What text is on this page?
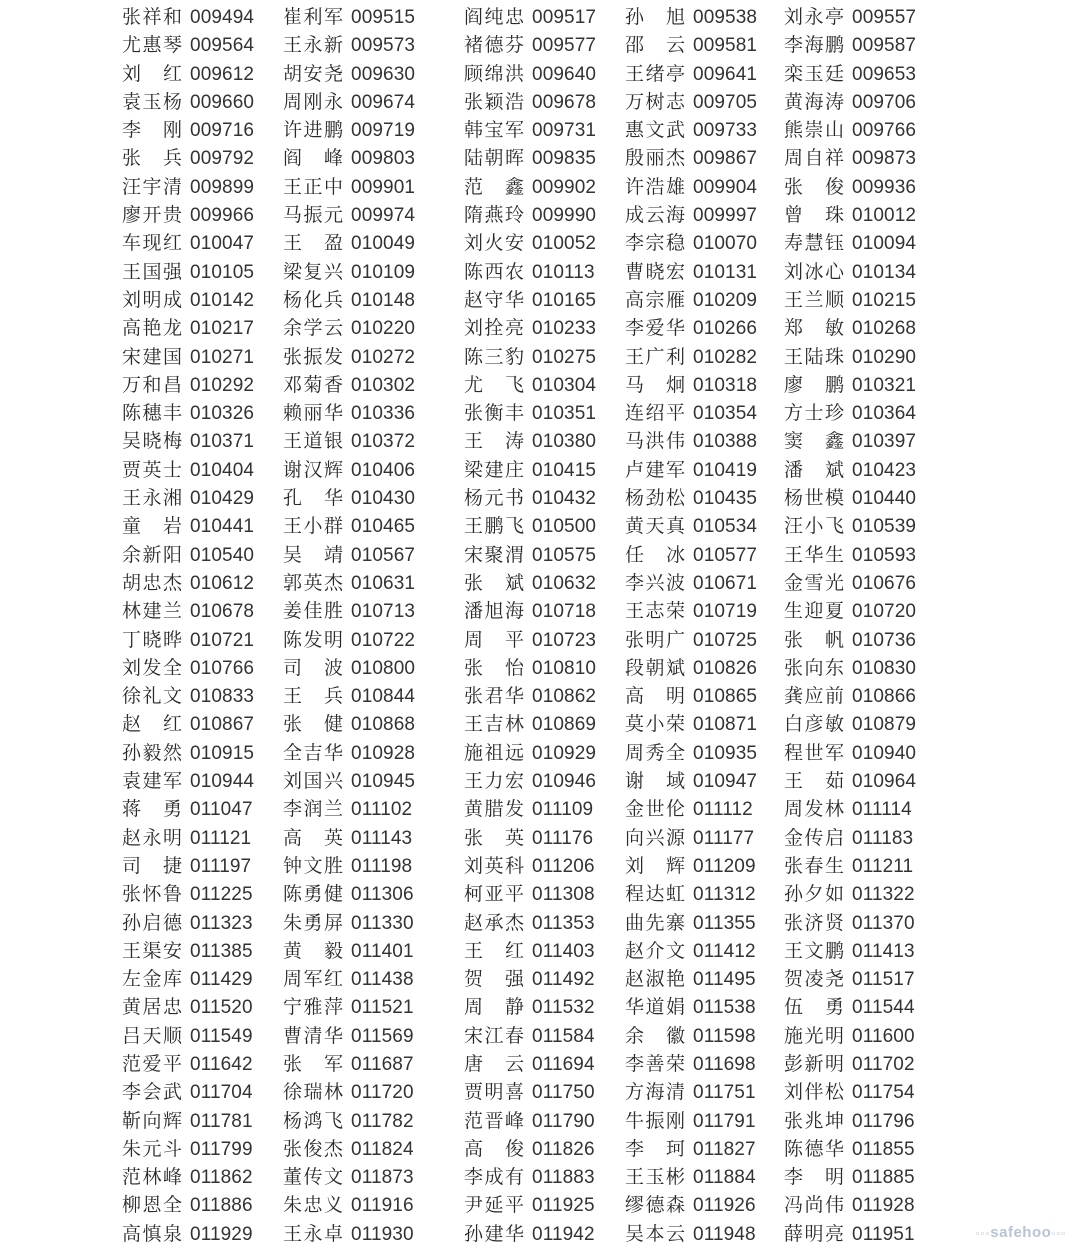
张祥和 009494 崔利军 009515	阎纯忠 009517 孙　旭 009538 刘永亭 009557
尤惠琴 009564 王永新 009573	褚德芬 009577 邵　云 009581 李海鹏 009587
刘　红 009612 胡安尧 009630	顾绵洪 009640 王绪亭 009641 栾玉廷 009653
袁玉杨 009660 周刚永 009674	张颖浩 009678 万树志 009705 黄海涛 009706
李　刚 009716 许进鹏 009719	韩宝军 009731 惠文武 009733 熊崇山 009766
张　兵 009792 阎　峰 009803	陆朝晖 009835 殷丽杰 009867 周自祥 009873
汪宇清 009899 王正中 009901	范　鑫 009902 许浩雄 009904 张　俊 009936
廖开贵 009966 马振元 009974	隋燕玲 009990 成云海 009997 曾　珠 010012
车现红 010047 王　盈 010049	刘火安 010052 李宗稳 010070 寿慧钰 010094
王国强 010105 梁复兴 010109	陈西农 010113 曹晓宏 010131 刘冰心 010134
刘明成 010142 杨化兵 010148	赵守华 010165 高宗雁 010209 王兰顺 010215
高艳龙 010217 余学云 010220	刘拴亮 010233 李爱华 010266 郑　敏 010268
宋建国 010271 张振发 010272	陈三豹 010275 王广利 010282 王陆珠 010290
万和昌 010292 邓菊香 010302	尤　飞 010304 马　炯 010318 廖　鹏 010321
陈穗丰 010326 赖丽华 010336	张衡丰 010351 连绍平 010354 方士珍 010364
吴晓梅 010371 王道银 010372	王　涛 010380 马洪伟 010388 窦　鑫 010397
贾英士 010404 谢汉辉 010406	梁建庄 010415 卢建军 010419 潘　斌 010423
王永湘 010429 孔　华 010430	杨元书 010432 杨劲松 010435 杨世模 010440
童　岩 010441 王小群 010465	王鹏飞 010500 黄天真 010534 汪小飞 010539
余新阳 010540 吴　靖 010567	宋聚渭 010575 任　冰 010577 王华生 010593
胡忠杰 010612 郭英杰 010631	张　斌 010632 李兴波 010671 金雪光 010676
林建兰 010678 姜佳胜 010713	潘旭海 010718 王志荣 010719 生迎夏 010720
丁晓晔 010721 陈发明 010722	周　平 010723 张明广 010725 张　帆 010736
刘发全 010766 司　波 010800	张　怡 010810 段朝斌 010826 张向东 010830
徐礼文 010833 王　兵 010844	张君华 010862 高　明 010865 龚应前 010866
赵　红 010867 张　健 010868	王吉林 010869 莫小荣 010871 白彦敏 010879
孙毅然 010915 全吉华 010928	施祖远 010929 周秀全 010935 程世军 010940
袁建军 010944 刘国兴 010945	王力宏 010946 谢　域 010947 王　茹 010964
蒋　勇 011047 李润兰 011102	黄腊发 011109 金世伦 011112 周发林 011114
赵永明 011121 高　英 011143	张　英 011176 向兴源 011177 金传启 011183
司　捷 011197 钟文胜 011198	刘英科 011206 刘　辉 011209 张春生 011211
张怀鲁 011225 陈勇健 011306	柯亚平 011308 程达虹 011312 孙夕如 011322
孙启德 011323 朱勇屏 011330	赵承杰 011353 曲先寨 011355 张济贤 011370
王渠安 011385 黄　毅 011401	王　红 011403 赵介文 011412 王文鹏 011413
左金库 011429 周军红 011438	贺　强 011492 赵淑艳 011495 贺凌尧 011517
黄居忠 011520 宁雅萍 011521	周　静 011532 华道娟 011538 伍　勇 011544
吕天顺 011549 曹清华 011569	宋江春 011584 余　徽 011598 施光明 011600
范爱平 011642 张　军 011687	唐　云 011694 李善荣 011698 彭新明 011702
李会武 011704 徐瑞林 011720	贾明喜 011750 方海清 011751 刘伴松 011754
靳向辉 011781 杨鸿飞 011782	范晋峰 011790 牛振刚 011791 张兆坤 011796
朱元斗 011799 张俊杰 011824	高　俊 011826 李　珂 011827 陈德华 011855
范林峰 011862 董传文 011873	李成有 011883 王玉彬 011884 李　明 011885
柳恩全 011886 朱忠义 011916	尹延平 011925 缪德森 011926 冯尚伟 011928
高慎泉 011929 王永卓 011930	孙建华 011942 吴本云 011948 薛明亮 011951	▫▫▫safehoo▫▫▫
